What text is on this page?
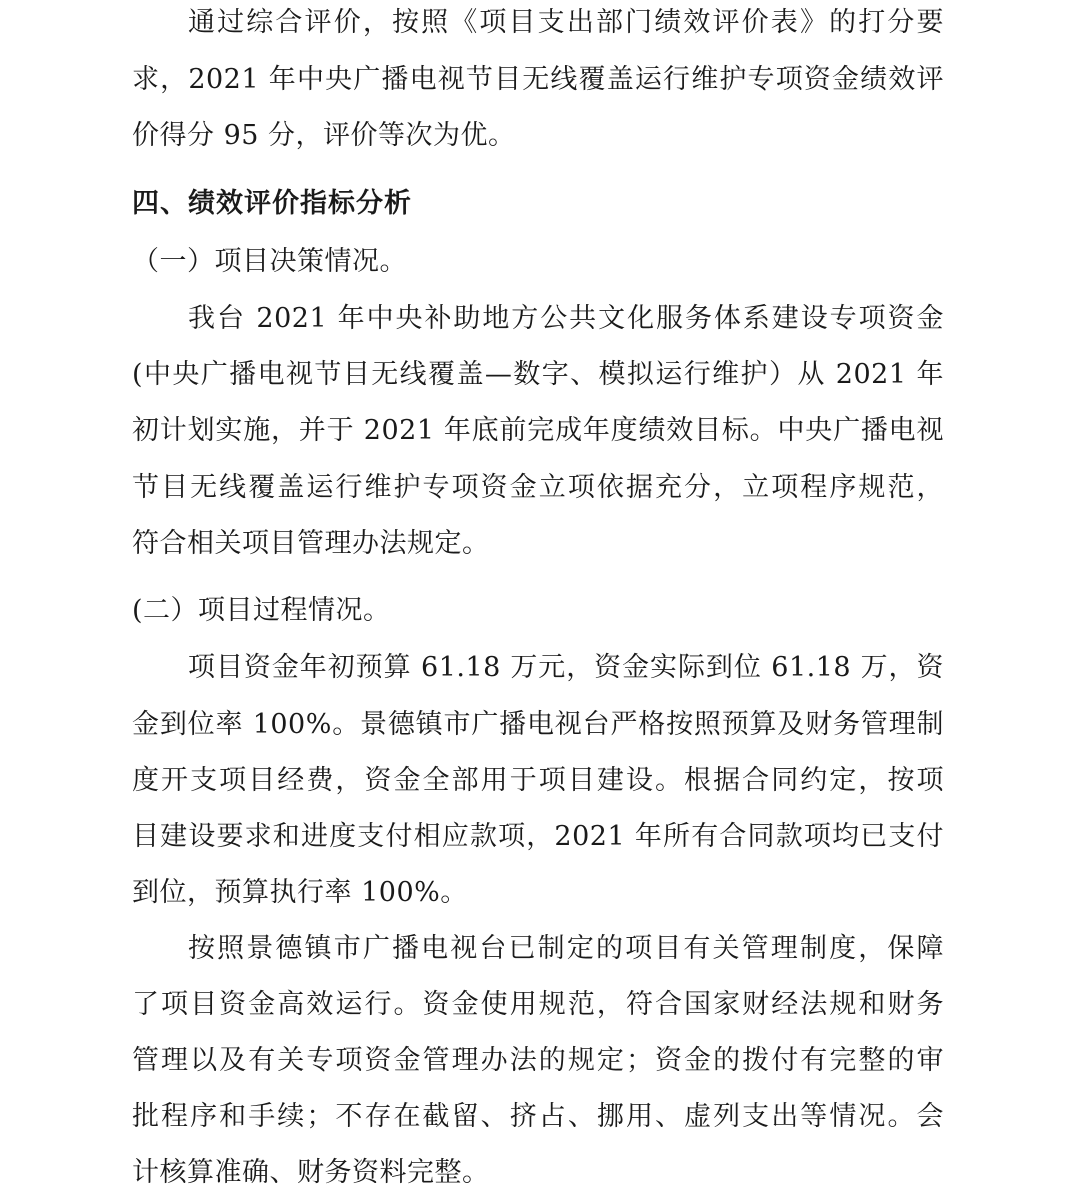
通过综合评价，按照《项目支出部门绩效评价表》的打分要
求，2021 年中央广播电视节目无线覆盖运行维护专项资金绩效评
价得分 95 分，评价等次为优。
四、绩效评价指标分析
（一）项目决策情况。
我台 2021 年中央补助地方公共文化服务体系建设专项资金
(中央广播电视节目无线覆盖—数字、模拟运行维护）从 2021 年
初计划实施，并于 2021 年底前完成年度绩效目标。中央广播电视
节目无线覆盖运行维护专项资金立项依据充分，立项程序规范，
符合相关项目管理办法规定。
(二）项目过程情况。
项目资金年初预算 61.18 万元，资金实际到位 61.18 万，资
金到位率 100%。景德镇市广播电视台严格按照预算及财务管理制
度开支项目经费，资金全部用于项目建设。根据合同约定，按项
目建设要求和进度支付相应款项，2021 年所有合同款项均已支付
到位，预算执行率 100%。
按照景德镇市广播电视台已制定的项目有关管理制度，保障
了项目资金高效运行。资金使用规范，符合国家财经法规和财务
管理以及有关专项资金管理办法的规定；资金的拨付有完整的审
批程序和手续；不存在截留、挤占、挪用、虚列支出等情况。会
计核算准确、财务资料完整。
